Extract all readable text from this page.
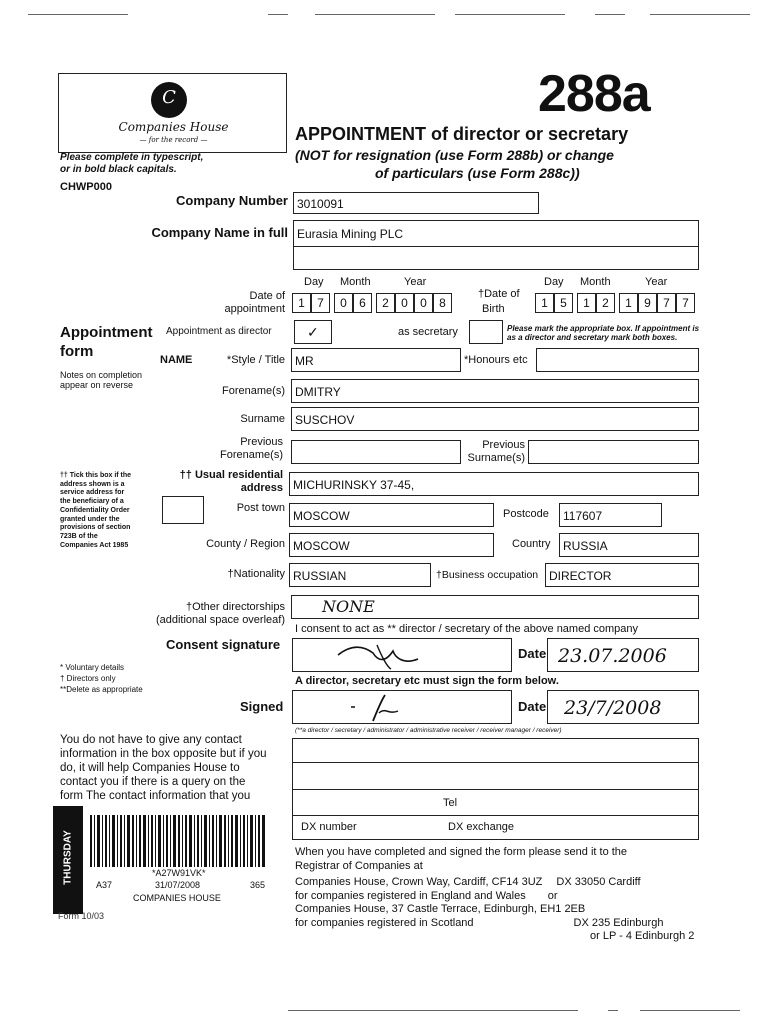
C
Companies House
— for the record —
288a
APPOINTMENT of director or secretary
(NOT for resignation (use Form 288b) or change
of particulars (use Form 288c))
Please complete in typescript,
or in bold black capitals.
CHWP000
Company Number 3010091
Company Name in full Eurasia Mining PLC
Day Month	Year	Day Month	Year
Date of
appointment	1	7	0	6	2	0	0	8
†Date of
Birth	1	5	1	2	1	9	7	7
Appointment
form
Notes on completion
appear on reverse
Appointment as director	✓	as secretary	Please mark the appropriate box. If appointment is
as a director and secretary mark both boxes.
NAME	*Style / Title MR	*Honours etc
Forename(s) DMITRY
Surname SUSCHOV
Previous
Forename(s)
Previous
Surname(s)
†† Tick this box if the
address shown is a
service address for
the beneficiary of a
Confidentiality Order
granted under the
provisions of section
723B of the
Companies Act 1985
†† Usual residential
address MICHURINSKY 37-45,
Post town
MOSCOW	Postcode 117607
County / Region MOSCOW	Country RUSSIA
†Nationality RUSSIAN	†Business occupation DIRECTOR
†Other directorships
(additional space overleaf)
NONE
I consent to act as ** director / secretary of the above named company
Consent signature
Date 23.07.2006
* Voluntary details
† Directors only
**Delete as appropriate
A director, secretary etc must sign the form below.
Signed	Date 23/7/2008
(**a director / secretary / administrator / administrative receiver / receiver manager / receiver)
You do not have to give any contact
information in the box opposite but if you
do, it will help Companies House to
contact you if there is a query on the
form The contact information that you
Tel
DX number	DX exchange
When you have completed and signed the form please send it to the
Registrar of Companies at
Companies House, Crown Way, Cardiff, CF14 3UZ DX 33050 Cardiff
for companies registered in England and Wales or
Companies House, 37 Castle Terrace, Edinburgh, EH1 2EB
for companies registered in Scotland	DX 235 Edinburgh
or LP - 4 Edinburgh 2
THURSDAY	*A27W91VK*
A37	31/07/2008	365
COMPANIES HOUSE
Form 10/03
